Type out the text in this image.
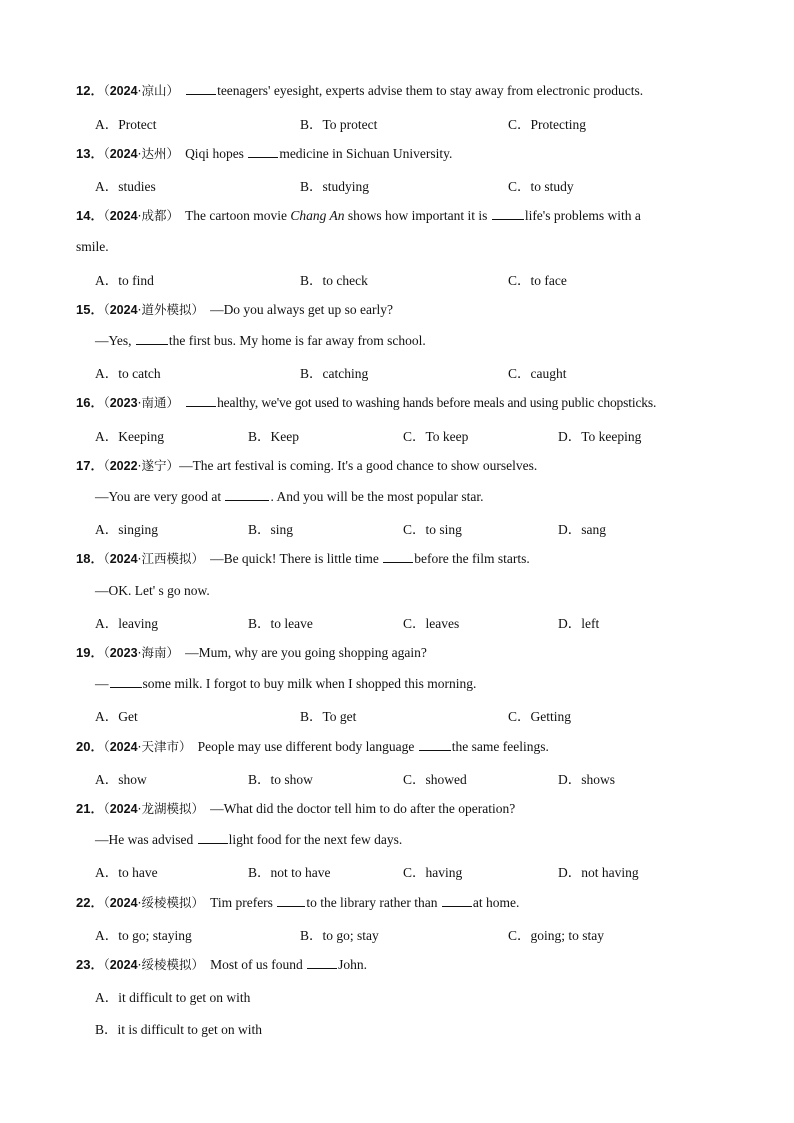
12．（2024·凉山）	teenagers' eyesight, experts advise them to stay away from electronic products.
A．Protect	B．To protect	C．Protecting
13．（2024·达州） Qiqi hopes	medicine in Sichuan University.
A．studies	B．studying	C．to study
14．（2024·成都） The cartoon movie Chang An shows how important it is	life's problems with a
smile.
A．to find	B．to check	C．to face
15．（2024·道外模拟） —Do you always get up so early?
—Yes,	the first bus. My home is far away from school.
A．to catch	B．catching	C．caught
16．（2023·南通）	healthy, we've got used to washing hands before meals and using public chopsticks.
A．Keeping	B．Keep	C．To keep	D．To keeping
17．（2022·遂宁）—The art festival is coming. It's a good chance to show ourselves.
—You are very good at	. And you will be the most popular star.
A．singing	B．sing	C．to sing	D．sang
18．（2024·江西模拟） —Be quick! There is little time	before the film starts.
—OK. Let' s go now.
A．leaving	B．to leave	C．leaves	D．left
19．（2023·海南） —Mum, why are you going shopping again?
—	some milk. I forgot to buy milk when I shopped this morning.
A．Get	B．To get	C．Getting
20．（2024·天津市） People may use different body language	the same feelings.
A．show	B．to show	C．showed	D．shows
21．（2024·龙湖模拟） —What did the doctor tell him to do after the operation?
—He was advised	light food for the next few days.
A．to have	B．not to have	C．having	D．not having
22．（2024·绥棱模拟） Tim prefers to the library rather than	at home.
A．to go; staying	B．to go; stay	C．going; to stay
23．（2024·绥棱模拟） Most of us found	John.
A．it difficult to get on with
B．it is difficult to get on with
